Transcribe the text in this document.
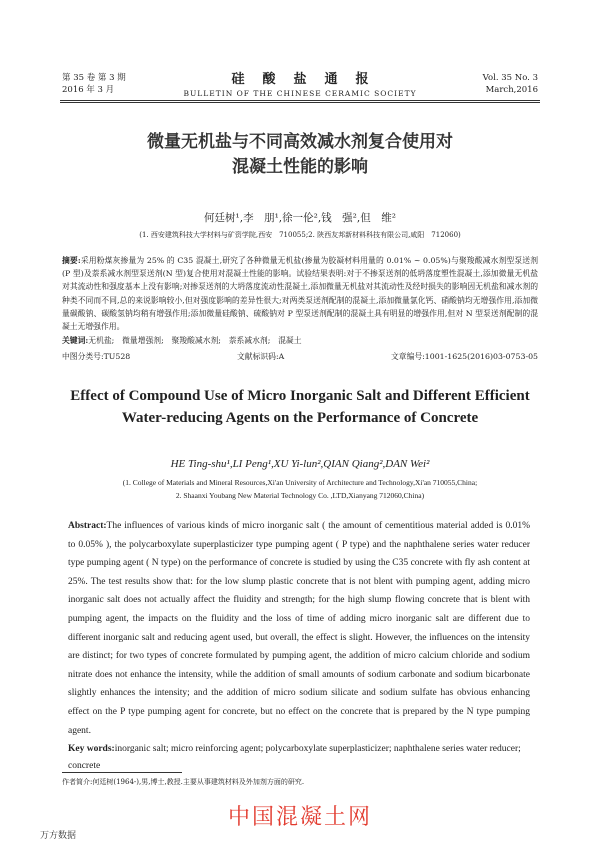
第 35 卷 第 3 期
2016 年 3 月
硅酸盐通报
BULLETIN OF THE CHINESE CERAMIC SOCIETY
Vol. 35 No. 3
March,2016
微量无机盐与不同高效减水剂复合使用对
混凝土性能的影响
何廷树¹,李　朋¹,徐一伦²,钱　强²,但　维²
(1. 西安建筑科技大学材料与矿资学院,西安　710055;2. 陕西友邦新材料科技有限公司,咸阳　712060)
摘要:采用粉煤灰掺量为 25% 的 C35 混凝土,研究了各种微量无机盐(掺量为胶凝材料用量的 0.01% ~ 0.05%)与聚羧酸减水剂型泵送剂(P 型)及萘系减水剂型泵送剂(N 型)复合使用对混凝土性能的影响。试验结果表明:对于不掺泵送剂的低坍落度塑性混凝土,添加微量无机盐对其流动性和强度基本上没有影响;对掺泵送剂的大坍落度流动性混凝土,添加微量无机盐对其流动性及经时损失的影响因无机盐和减水剂的种类不同而不同,总的来说影响较小,但对强度影响的差异性很大;对两类泵送剂配制的混凝土,添加微量氯化钙、硝酸钠均无增强作用,添加微量碳酸钠、碳酸氢钠均稍有增强作用;添加微量硅酸钠、硫酸钠对 P 型泵送剂配制的混凝土具有明显的增强作用,但对 N 型泵送剂配制的混凝土无增强作用。
关键词:无机盐;　微量增强剂;　聚羧酸减水剂;　萘系减水剂;　混凝土
中图分类号:TU528	文献标识码:A	文章编号:1001-1625(2016)03-0753-05
Effect of Compound Use of Micro Inorganic Salt and Different Efficient
Water-reducing Agents on the Performance of Concrete
HE Ting-shu¹,LI Peng¹,XU Yi-lun²,QIAN Qiang²,DAN Wei²
(1. College of Materials and Mineral Resources,Xi'an University of Architecture and Technology,Xi'an 710055,China;
2. Shaanxi Youbang New Material Technology Co. ,LTD,Xianyang 712060,China)
Abstract:The influences of various kinds of micro inorganic salt ( the amount of cementitious material added is 0.01% to 0.05% ), the polycarboxylate superplasticizer type pumping agent ( P type) and the naphthalene series water reducer type pumping agent ( N type) on the performance of concrete is studied by using the C35 concrete with fly ash content at 25%. The test results show that: for the low slump plastic concrete that is not blent with pumping agent, adding micro inorganic salt does not actually affect the fluidity and strength; for the high slump flowing concrete that is blent with pumping agent, the impacts on the fluidity and the loss of time of adding micro inorganic salt are different due to different inorganic salt and reducing agent used, but overall, the effect is slight. However, the influences on the intensity are distinct; for two types of concrete formulated by pumping agent, the addition of micro calcium chloride and sodium nitrate does not enhance the intensity, while the addition of small amounts of sodium carbonate and sodium bicarbonate slightly enhances the intensity; and the addition of micro sodium silicate and sodium sulfate has obvious enhancing effect on the P type pumping agent for concrete, but no effect on the concrete that is prepared by the N type pumping agent.
Key words:inorganic salt; micro reinforcing agent; polycarboxylate superplasticizer; naphthalene series water reducer; concrete
作者简介:何廷树(1964-),男,博士,教授.主要从事建筑材料及外加剂方面的研究.
中国混凝土网
万方数据
